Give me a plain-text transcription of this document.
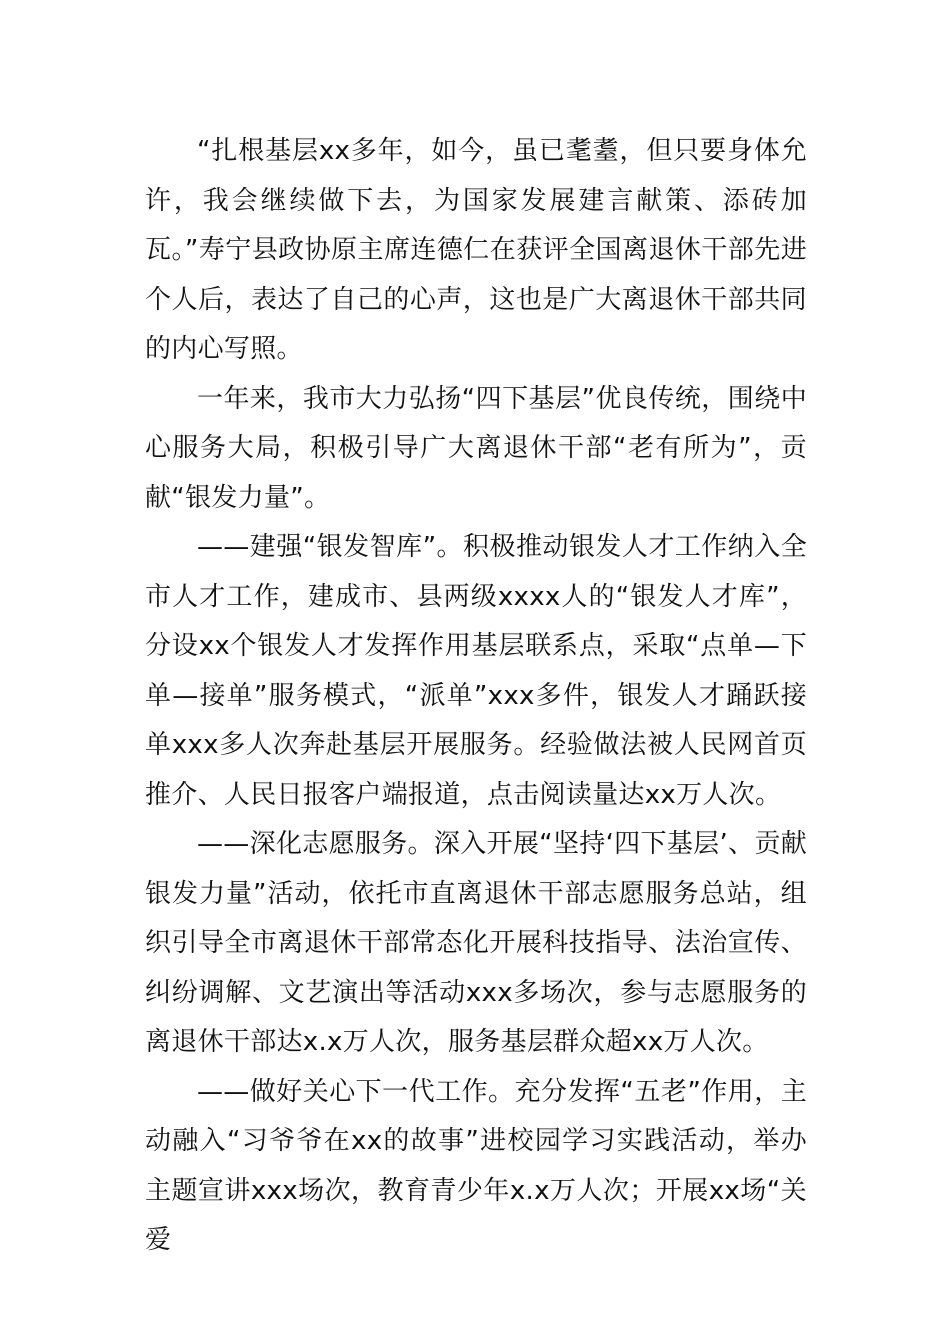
“扎根基层xx多年，如今，虽已耄耋，但只要身体允许，我会继续做下去，为国家发展建言献策、添砖加瓦。”寿宁县政协原主席连德仁在获评全国离退休干部先进个人后，表达了自己的心声，这也是广大离退休干部共同的内心写照。

一年来，我市大力弘扬“四下基层”优良传统，围绕中心服务大局，积极引导广大离退休干部“老有所为”，贡献“银发力量”。

——建强“银发智库”。积极推动银发人才工作纳入全市人才工作，建成市、县两级xxxx人的“银发人才库”，分设xx个银发人才发挥作用基层联系点，采取“点单—下单—接单”服务模式，“派单”xxx多件，银发人才踊跃接单xxx多人次奔赴基层开展服务。经验做法被人民网首页推介、人民日报客户端报道，点击阅读量达xx万人次。

——深化志愿服务。深入开展“坚持‘四下基层’、贡献银发力量”活动，依托市直离退休干部志愿服务总站，组织引导全市离退休干部常态化开展科技指导、法治宣传、纠纷调解、文艺演出等活动xxx多场次，参与志愿服务的离退休干部达x.x万人次，服务基层群众超xx万人次。

——做好关心下一代工作。充分发挥“五老”作用，主动融入“习爷爷在xx的故事”进校园学习实践活动，举办主题宣讲xxx场次，教育青少年x.x万人次；开展xx场“关爱
